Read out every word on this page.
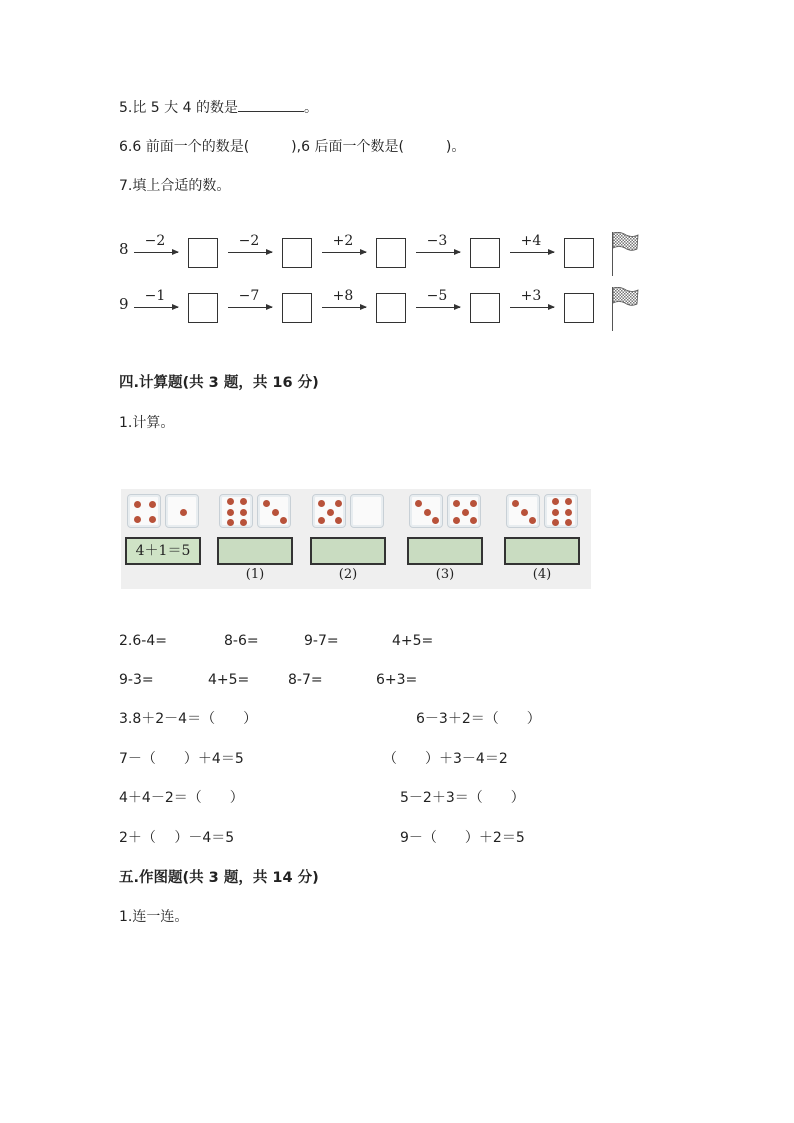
5.比 5 大 4 的数是	。
6.6 前面一个的数是(   ),6 后面一个数是(   )。
7.填上合适的数。
8	−2	−2	+2	−3	+4
9	−1	−7	+8	−5	+3
四.计算题(共 3 题，共 16 分)
1.计算。
4＋1＝5
(1)	(2)	(3)	(4)
2.6-4=	8-6=	9-7=	4+5=
9-3=	4+5=	8-7=	6+3=
3.8＋2－4＝（  ）	6－3＋2＝（  ）
7－（  ）＋4＝5	（  ）＋3－4＝2
4＋4－2＝（  ）	5－2＋3＝（  ）
2＋（  ）－4＝5	9－（  ）＋2＝5
五.作图题(共 3 题，共 14 分)
1.连一连。
